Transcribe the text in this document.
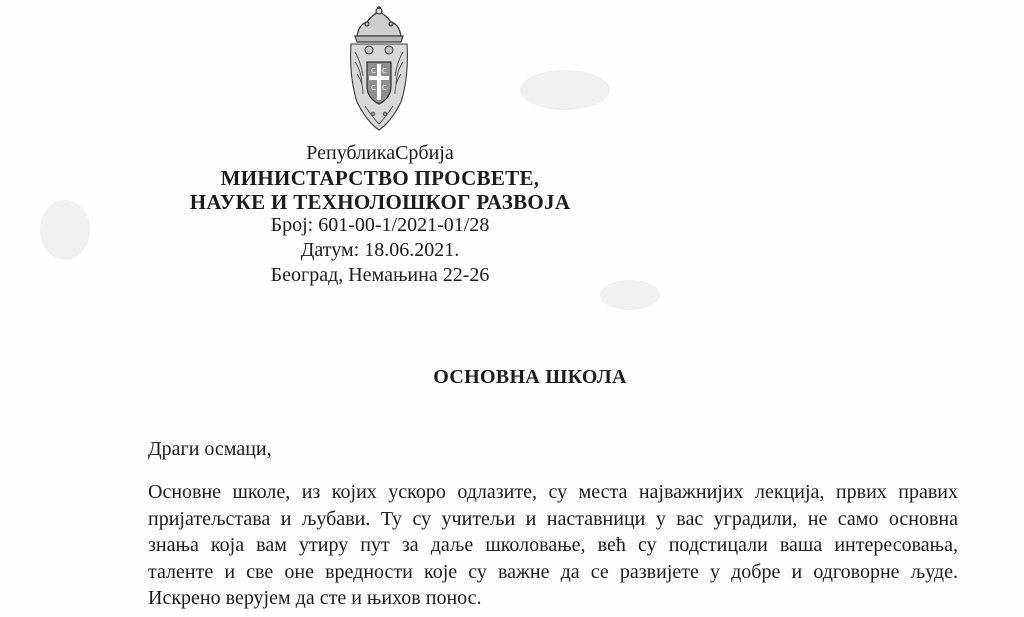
С С
С С
РепубликаСрбија
МИНИСТАРСТВО ПРОСВЕТЕ,
НАУКЕ И ТЕХНОЛОШКОГ РАЗВОЈА
Број: 601-00-1/2021-01/28
Датум: 18.06.2021.
Београд, Немањина 22-26
ОСНОВНА ШКОЛА
Драги осмаци,
Основне школе, из којих ускоро одлазите, су места најважнијих лекција, првих правих
пријатељстава и љубави. Ту су учитељи и наставници у вас уградили, не само основна
знања која вам утиру пут за даље школовање, већ су подстицали ваша интересовања,
таленте и све оне вредности које су важне да се развијете у добре и одговорне људе.
Искрено верујем да сте и њихов понос.
